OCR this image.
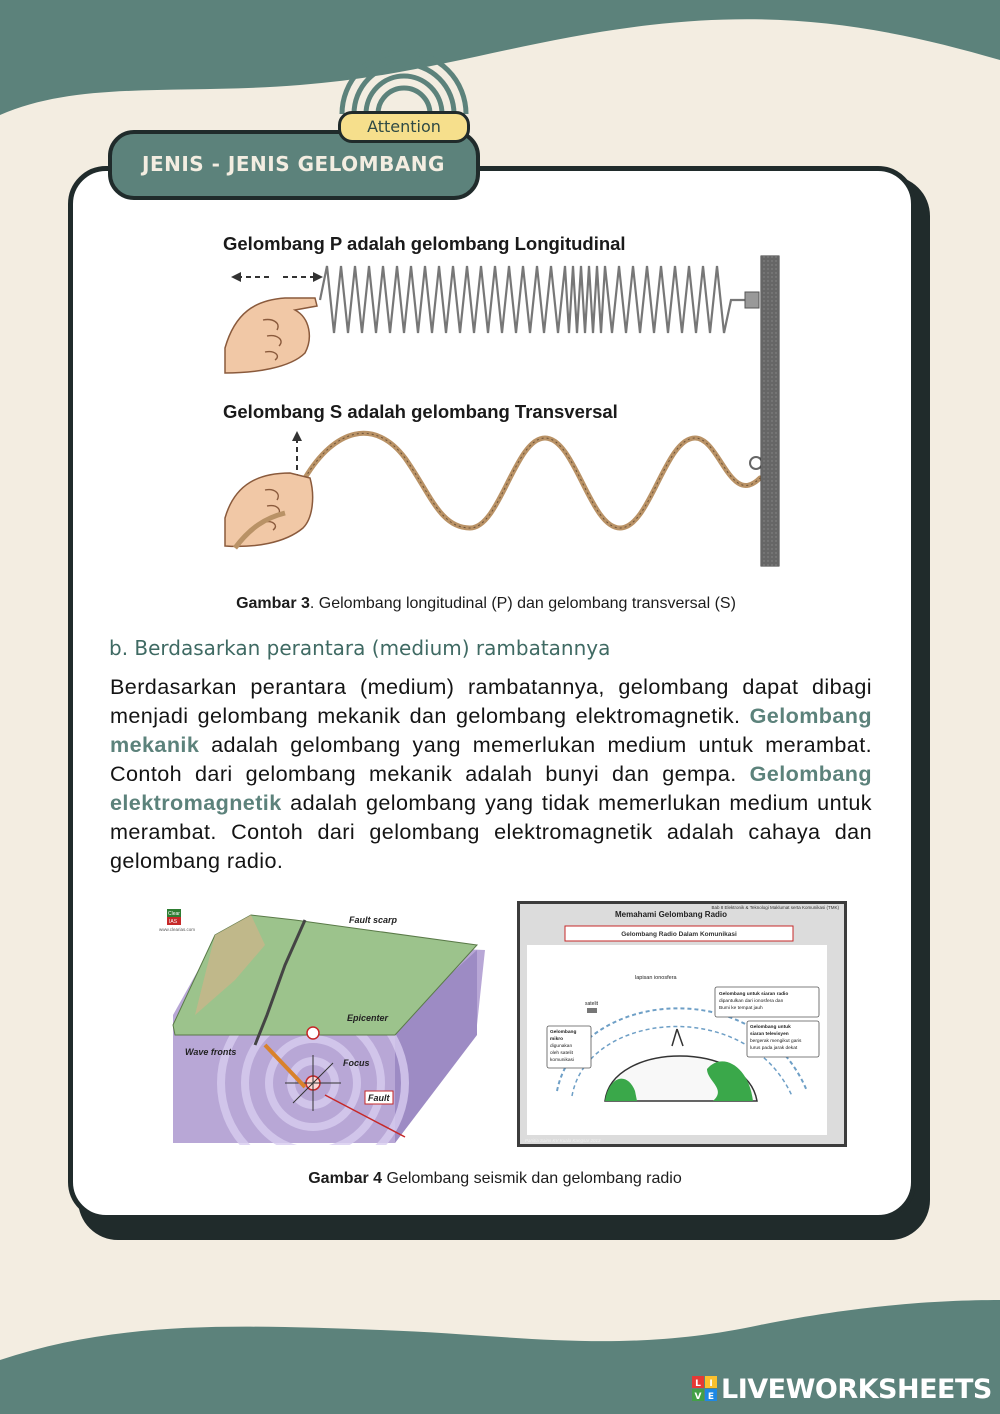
JENIS - JENIS GELOMBANG
Attention
Gelombang P adalah gelombang Longitudinal
Gelombang S adalah gelombang Transversal
Gambar 3. Gelombang longitudinal (P) dan gelombang transversal (S)
b. Berdasarkan perantara (medium) rambatannya
Berdasarkan perantara (medium) rambatannya, gelombang dapat dibagi menjadi gelombang mekanik dan gelombang elektromagnetik. Gelombang mekanik adalah gelombang yang memerlukan medium untuk merambat. Contoh dari gelombang mekanik adalah bunyi dan gempa. Gelombang elektromagnetik adalah gelombang yang tidak memerlukan medium untuk merambat. Contoh dari gelombang elektromagnetik adalah cahaya dan gelombang radio.
Clear
IAS
www.clearias.com
Fault scarp
Epicenter
Wave fronts
Focus
Fault
Bab 8 Elektronik & Teknologi Maklumat serta Komunikasi (TMK)
Memahami Gelombang Radio
Gelombang Radio Dalam Komunikasi
lapisan ionosfera
satelit
Gelombang
mikro
digunakan
oleh satelit
komunikasi
Gelombang untuk siaran radio
dipantulkan dari ionosfera dan
Bumi ke tempat jauh
Gelombang untuk
siaran televisyen
bergerak mengikut garis
lurus pada jarak dekat
Panitia Sains KV Kuala Kangsar 2013
Gambar 4 Gelombang seismik dan gelombang radio
L I
V E LIVEWORKSHEETS
